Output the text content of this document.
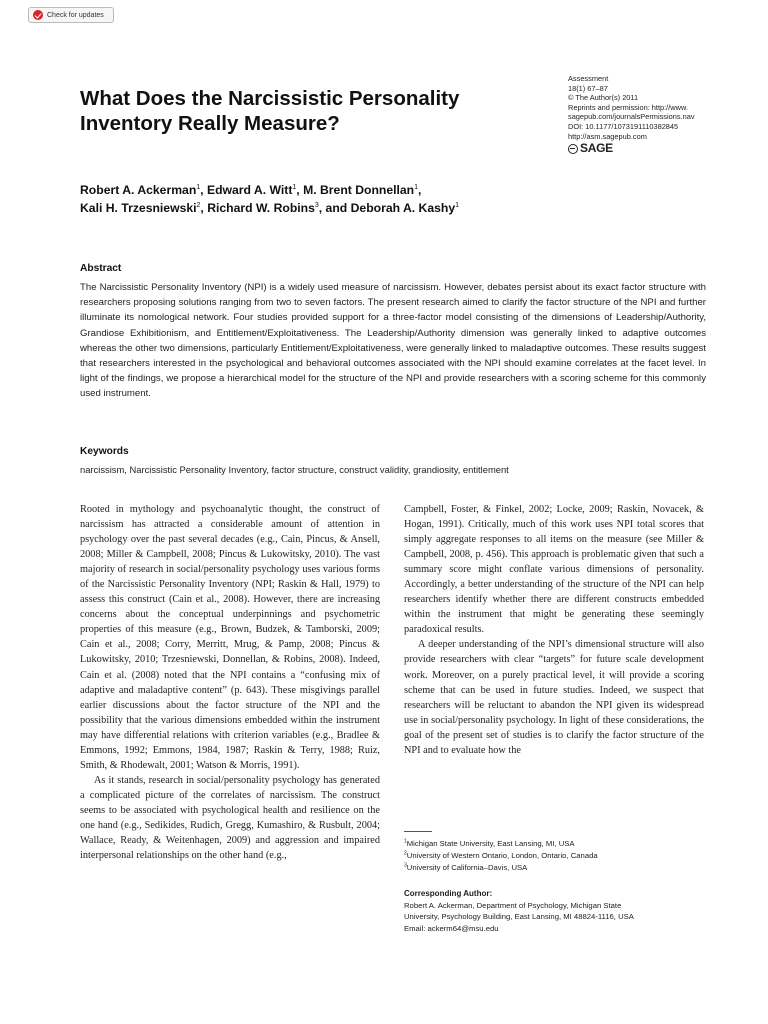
Check for updates
What Does the Narcissistic Personality Inventory Really Measure?
Assessment
18(1) 67–87
© The Author(s) 2011
Reprints and permission: http://www.
sagepub.com/journalsPermissions.nav
DOI: 10.1177/1073191110382845
http://asm.sagepub.com
SAGE
Robert A. Ackerman$^1$, Edward A. Witt$^1$, M. Brent Donnellan$^1$,
Kali H. Trzesniewski$^2$, Richard W. Robins$^3$, and Deborah A. Kashy$^1$
Abstract

The Narcissistic Personality Inventory (NPI) is a widely used measure of narcissism. However, debates persist about its exact factor structure with researchers proposing solutions ranging from two to seven factors. The present research aimed to clarify the factor structure of the NPI and further illuminate its nomological network. Four studies provided support for a three-factor model consisting of the dimensions of Leadership/Authority, Grandiose Exhibitionism, and Entitlement/Exploitativeness. The Leadership/Authority dimension was generally linked to adaptive outcomes whereas the other two dimensions, particularly Entitlement/Exploitativeness, were generally linked to maladaptive outcomes. These results suggest that researchers interested in the psychological and behavioral outcomes associated with the NPI should examine correlates at the facet level. In light of the findings, we propose a hierarchical model for the structure of the NPI and provide researchers with a scoring scheme for this commonly used instrument.

Keywords

narcissism, Narcissistic Personality Inventory, factor structure, construct validity, grandiosity, entitlement

Rooted in mythology and psychoanalytic thought, the construct of narcissism has attracted a considerable amount of attention in psychology over the past several decades (e.g., Cain, Pincus, & Ansell, 2008; Miller & Campbell, 2008; Pincus & Lukowitsky, 2010). The vast majority of research in social/personality psychology uses various forms of the Narcissistic Personality Inventory (NPI; Raskin & Hall, 1979) to assess this construct (Cain et al., 2008). However, there are increasing concerns about the conceptual underpinnings and psychometric properties of this measure (e.g., Brown, Budzek, & Tamborski, 2009; Cain et al., 2008; Corry, Merritt, Mrug, & Pamp, 2008; Pincus & Lukowitsky, 2010; Trzesniewski, Donnellan, & Robins, 2008). Indeed, Cain et al. (2008) noted that the NPI contains a “confusing mix of adaptive and maladaptive content” (p. 643). These misgivings parallel earlier discussions about the factor structure of the NPI and the possibility that the various dimensions embedded within the instrument may have differential relations with criterion variables (e.g., Bradlee & Emmons, 1992; Emmons, 1984, 1987; Raskin & Terry, 1988; Ruiz, Smith, & Rhodewalt, 2001; Watson & Morris, 1991).

As it stands, research in social/personality psychology has generated a complicated picture of the correlates of narcissism. The construct seems to be associated with psychological health and resilience on the one hand (e.g., Sedikides, Rudich, Gregg, Kumashiro, & Rusbult, 2004; Wallace, Ready, & Weitenhagen, 2009) and aggression and impaired interpersonal relationships on the other hand (e.g.,

Campbell, Foster, & Finkel, 2002; Locke, 2009; Raskin, Novacek, & Hogan, 1991). Critically, much of this work uses NPI total scores that simply aggregate responses to all items on the measure (see Miller & Campbell, 2008, p. 456). This approach is problematic given that such a summary score might conflate various dimensions of personality. Accordingly, a better understanding of the structure of the NPI can help researchers identify whether there are different constructs embedded within the instrument that might be generating these seemingly paradoxical results.

A deeper understanding of the NPI’s dimensional structure will also provide researchers with clear “targets” for future scale development work. Moreover, on a purely practical level, it will provide a scoring scheme that can be used in future studies. Indeed, we suspect that researchers will be reluctant to abandon the NPI given its widespread use in social/personality psychology. In light of these considerations, the goal of the present set of studies is to clarify the factor structure of the NPI and to evaluate how the

$^1$Michigan State University, East Lansing, MI, USA
$^2$University of Western Ontario, London, Ontario, Canada
$^3$University of California–Davis, USA
Corresponding Author:
Robert A. Ackerman, Department of Psychology, Michigan State
University, Psychology Building, East Lansing, MI 48824-1116, USA
Email: ackerm64@msu.edu
